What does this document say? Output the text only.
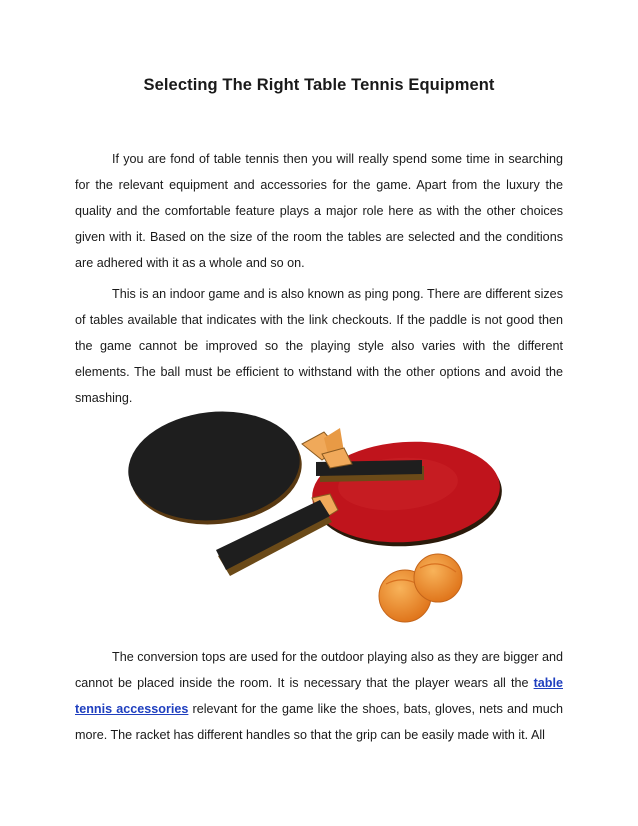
Selecting The Right Table Tennis Equipment

If you are fond of table tennis then you will really spend some time in searching for the relevant equipment and accessories for the game. Apart from the luxury the quality and the comfortable feature plays a major role here as with the other choices given with it. Based on the size of the room the tables are selected and the conditions are adhered with it as a whole and so on.

This is an indoor game and is also known as ping pong. There are different sizes of tables available that indicates with the link checkouts. If the paddle is not good then the game cannot be improved so the playing style also varies with the different elements. The ball must be efficient to withstand with the other options and avoid the smashing.

The conversion tops are used for the outdoor playing also as they are bigger and cannot be placed inside the room. It is necessary that the player wears all the table tennis accessories relevant for the game like the shoes, bats, gloves, nets and much more. The racket has different handles so that the grip can be easily made with it. All
